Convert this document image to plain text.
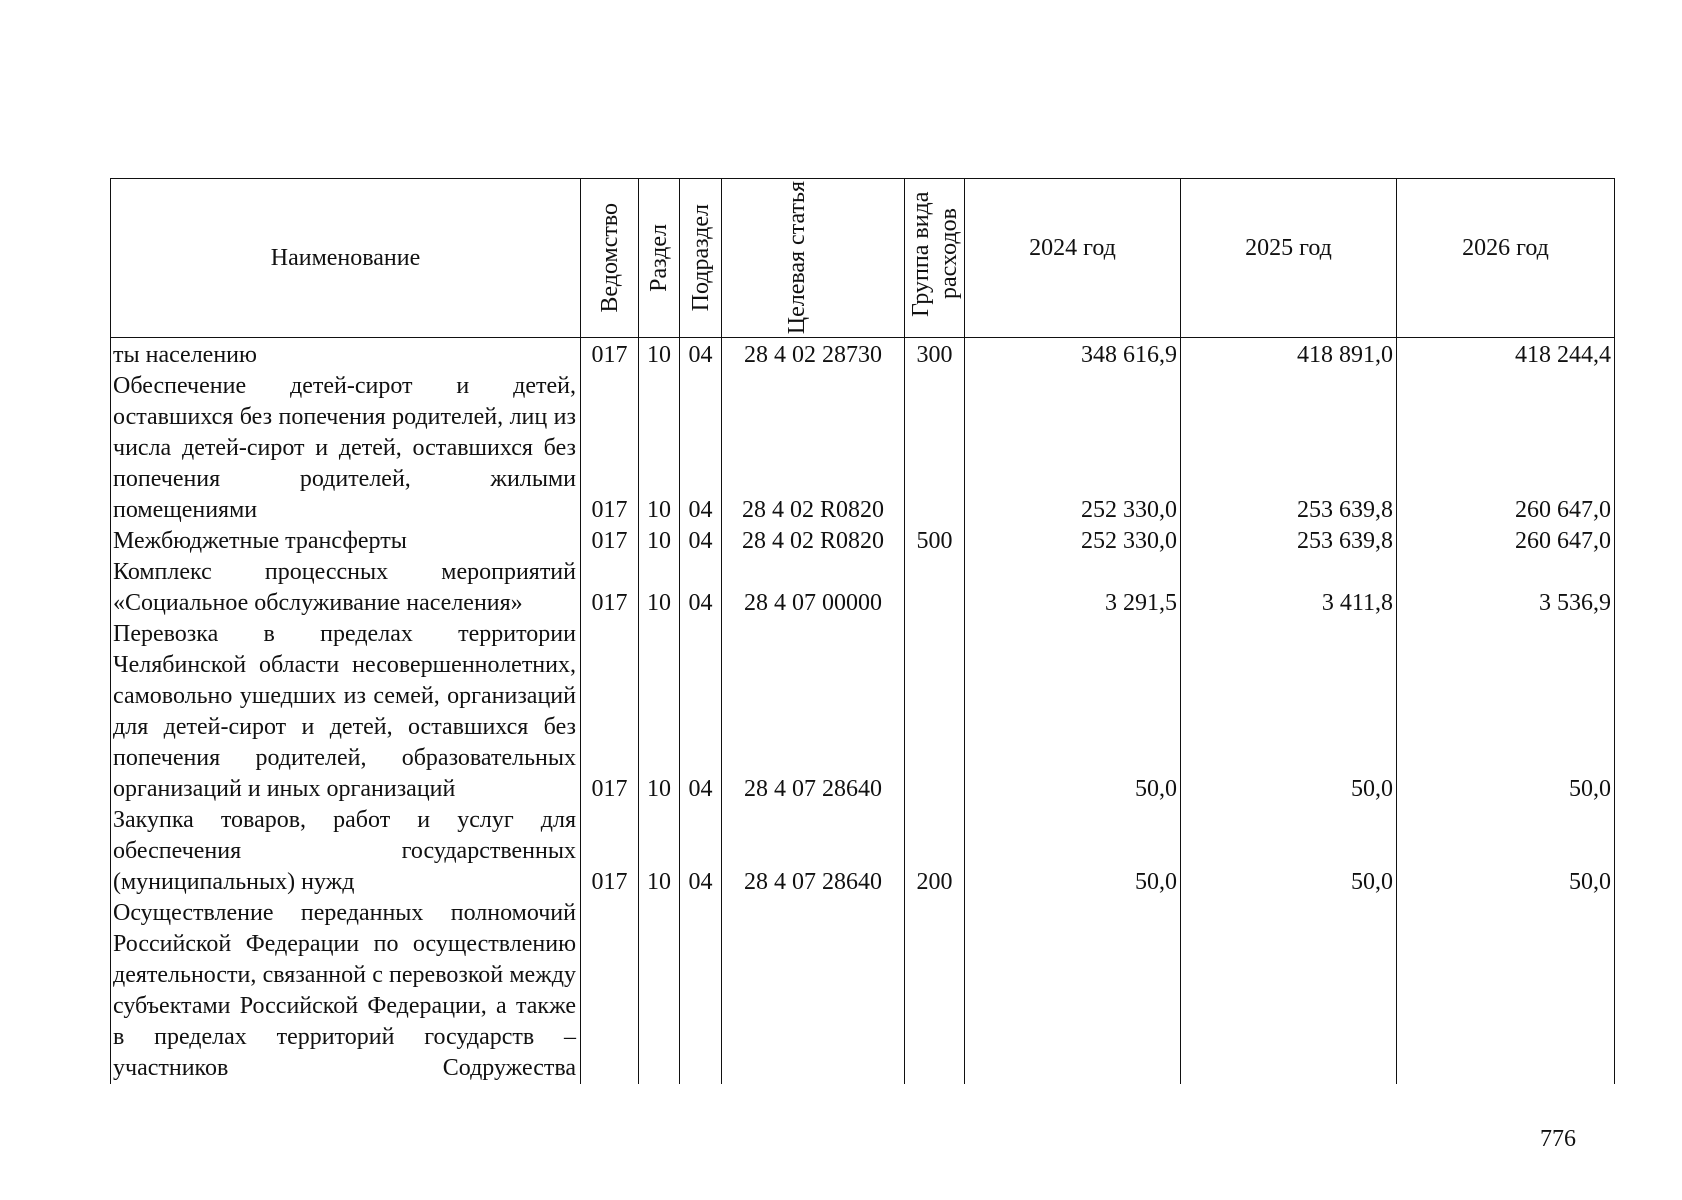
Наименование	Ведомство	Раздел	Подраздел	Целевая статья	Группа вида расходов	2024 год	2025 год	2026 год

ты населению	017	10	04	28 4 02 28730	300	348 616,9	418 891,0	418 244,4
Обеспечение детей-сирот и детей, оставшихся без попечения родителей, лиц из числа детей-сирот и детей, оставшихся без попечения родителей, жилыми помещениями	017	10	04	28 4 02 R0820		252 330,0	253 639,8	260 647,0
Межбюджетные трансферты	017	10	04	28 4 02 R0820	500	252 330,0	253 639,8	260 647,0
Комплекс процессных мероприятий «Социальное обслуживание населения»	017	10	04	28 4 07 00000		3 291,5	3 411,8	3 536,9
Перевозка в пределах территории Челябинской области несовершеннолетних, самовольно ушедших из семей, организаций для детей-сирот и детей, оставшихся без попечения родителей, образовательных организаций и иных организаций	017	10	04	28 4 07 28640		50,0	50,0	50,0
Закупка товаров, работ и услуг для обеспечения государственных (муниципальных) нужд	017	10	04	28 4 07 28640	200	50,0	50,0	50,0
Осуществление переданных полномочий Российской Федерации по осуществлению деятельности, связанной с перевозкой между субъектами Российской Федерации, а также в пределах территорий государств – участников Содружества								
776
